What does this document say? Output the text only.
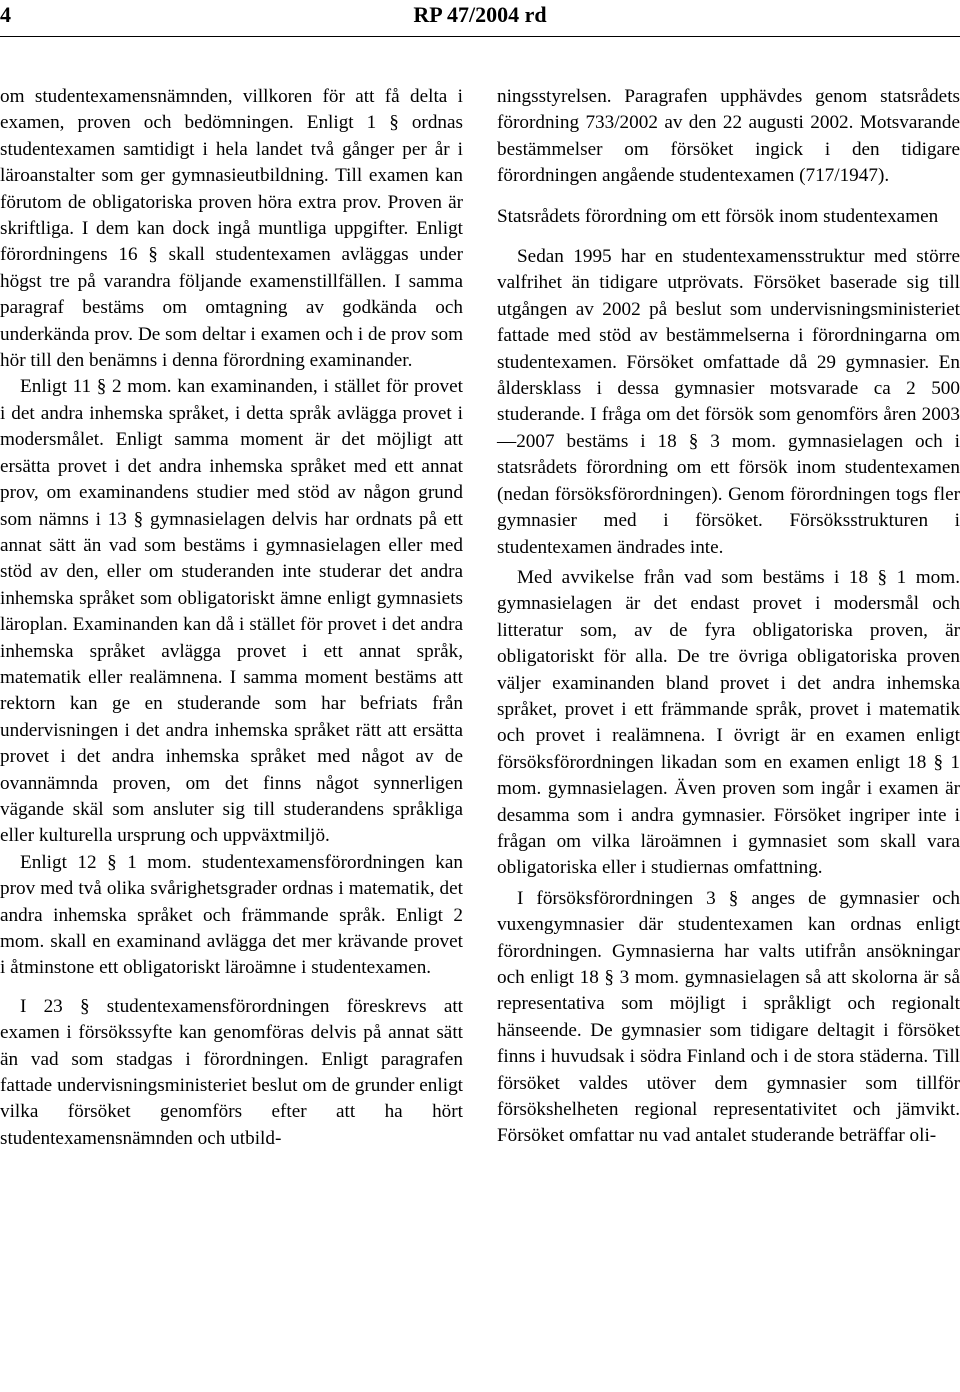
4	RP 47/2004 rd

om studentexamensnämnden, villkoren för att få delta i examen, proven och bedömningen. Enligt 1 § ordnas studentexamen samtidigt i hela landet två gånger per år i läroanstalter som ger gymnasieutbildning. Till examen kan förutom de obligatoriska proven höra extra prov. Proven är skriftliga. I dem kan dock ingå muntliga uppgifter. Enligt förordningens 16 § skall studentexamen avläggas under högst tre på varandra följande examenstillfällen. I samma paragraf bestäms om omtagning av godkända och underkända prov. De som deltar i examen och i de prov som hör till den benämns i denna förordning examinander.

Enligt 11 § 2 mom. kan examinanden, i stället för provet i det andra inhemska språket, i detta språk avlägga provet i modersmålet. Enligt samma moment är det möjligt att ersätta provet i det andra inhemska språket med ett annat prov, om examinandens studier med stöd av någon grund som nämns i 13 § gymnasielagen delvis har ordnats på ett annat sätt än vad som bestäms i gymnasielagen eller med stöd av den, eller om studeranden inte studerar det andra inhemska språket som obligatoriskt ämne enligt gymnasiets läroplan. Examinanden kan då i stället för provet i det andra inhemska språket avlägga provet i ett annat språk, matematik eller realämnena. I samma moment bestäms att rektorn kan ge en studerande som har befriats från undervisningen i det andra inhemska språket rätt att ersätta provet i det andra inhemska språket med något av de ovannämnda proven, om det finns något synnerligen vägande skäl som ansluter sig till studerandens språkliga eller kulturella ursprung och uppväxtmiljö.

Enligt 12 § 1 mom. studentexamensförordningen kan prov med två olika svårighetsgrader ordnas i matematik, det andra inhemska språket och främmande språk. Enligt 2 mom. skall en examinand avlägga det mer krävande provet i åtminstone ett obligatoriskt läroämne i studentexamen.

I 23 § studentexamensförordningen föreskrevs att examen i försökssyfte kan genomföras delvis på annat sätt än vad som stadgas i förordningen. Enligt paragrafen fattade undervisningsministeriet beslut om de grunder enligt vilka försöket genomförs efter att ha hört studentexamensnämnden och utbild-

ningsstyrelsen. Paragrafen upphävdes genom statsrådets förordning 733/2002 av den 22 augusti 2002. Motsvarande bestämmelser om försöket ingick i den tidigare förordningen angående studentexamen (717/1947).

Statsrådets förordning om ett försök inom studentexamen

Sedan 1995 har en studentexamensstruktur med större valfrihet än tidigare utprövats. Försöket baserade sig till utgången av 2002 på beslut som undervisningsministeriet fattade med stöd av bestämmelserna i förordningarna om studentexamen. Försöket omfattade då 29 gymnasier. En åldersklass i dessa gymnasier motsvarade ca 2 500 studerande. I fråga om det försök som genomförs åren 2003—2007 bestäms i 18 § 3 mom. gymnasielagen och i statsrådets förordning om ett försök inom studentexamen (nedan försöksförordningen). Genom förordningen togs fler gymnasier med i försöket. Försöksstrukturen i studentexamen ändrades inte.

Med avvikelse från vad som bestäms i 18 § 1 mom. gymnasielagen är det endast provet i modersmål och litteratur som, av de fyra obligatoriska proven, är obligatoriskt för alla. De tre övriga obligatoriska proven väljer examinanden bland provet i det andra inhemska språket, provet i ett främmande språk, provet i matematik och provet i realämnena. I övrigt är en examen enligt försöksförordningen likadan som en examen enligt 18 § 1 mom. gymnasielagen. Även proven som ingår i examen är desamma som i andra gymnasier. Försöket ingriper inte i frågan om vilka läroämnen i gymnasiet som skall vara obligatoriska eller i studiernas omfattning.

I försöksförordningen 3 § anges de gymnasier och vuxengymnasier där studentexamen kan ordnas enligt förordningen. Gymnasierna har valts utifrån ansökningar och enligt 18 § 3 mom. gymnasielagen så att skolorna är så representativa som möjligt i språkligt och regionalt hänseende. De gymnasier som tidigare deltagit i försöket finns i huvudsak i södra Finland och i de stora städerna. Till försöket valdes utöver dem gymnasier som tillför försökshelheten regional representativitet och jämvikt. Försöket omfattar nu vad antalet studerande beträffar oli-
